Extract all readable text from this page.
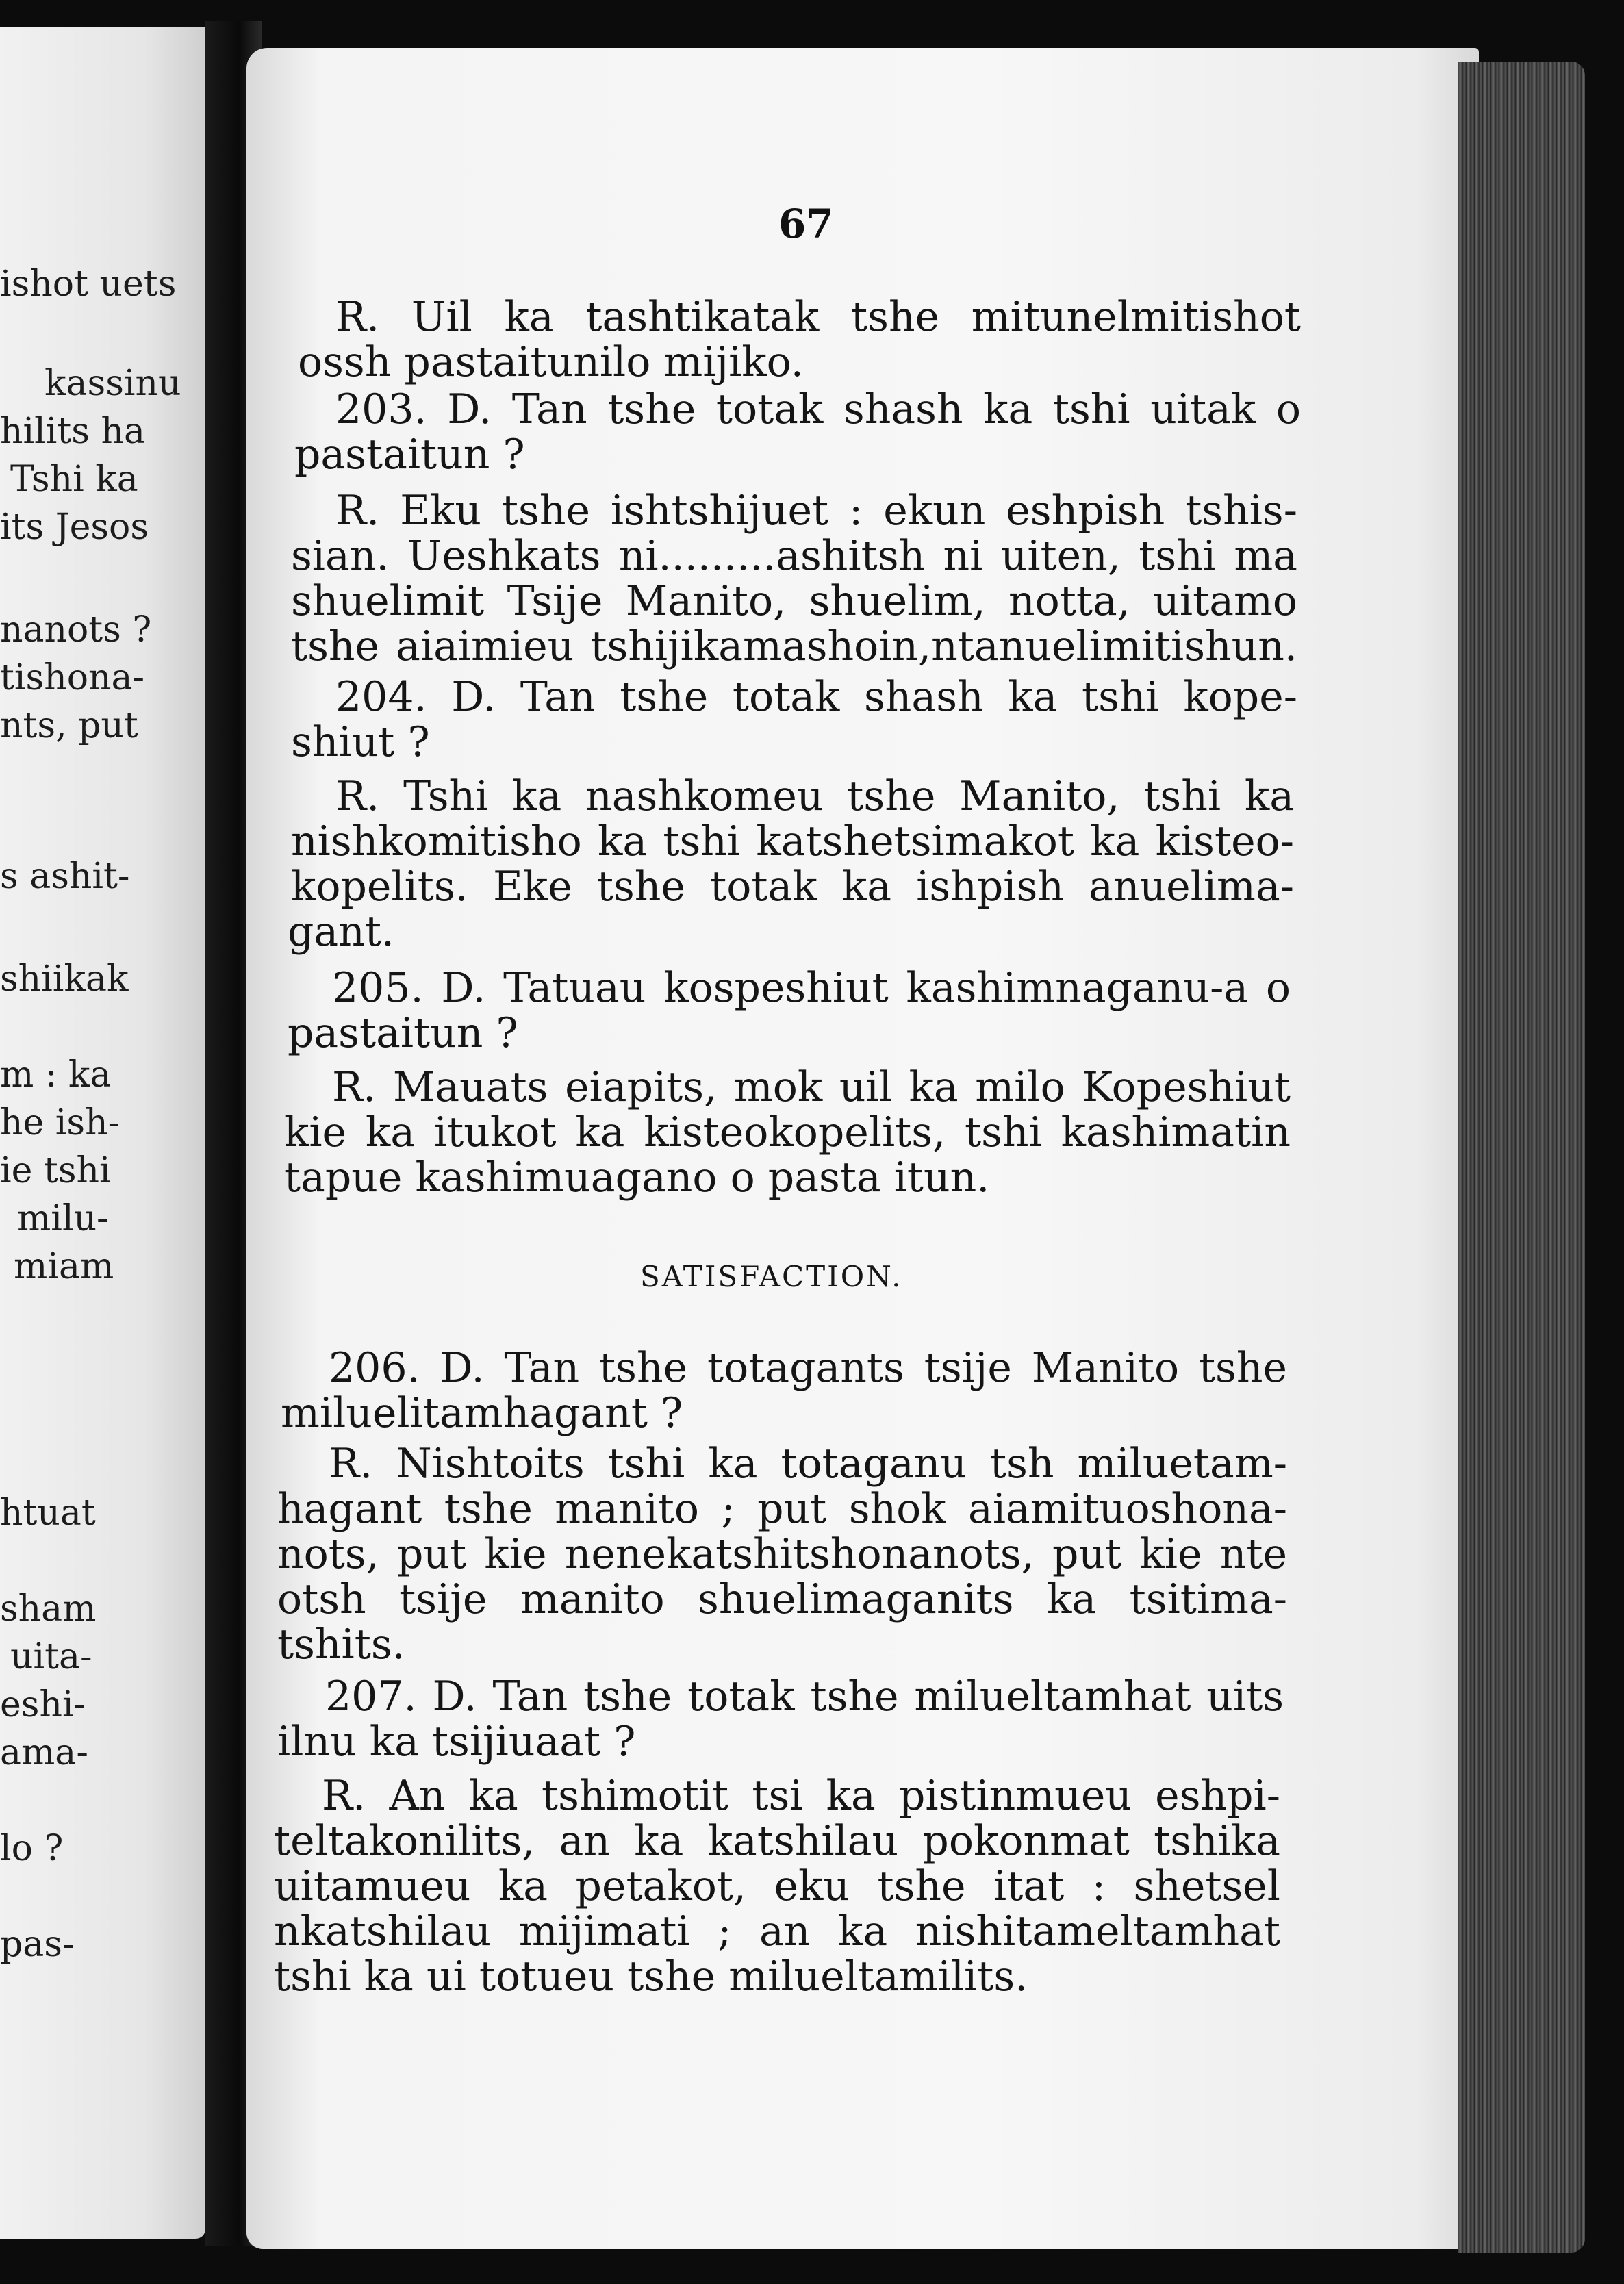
ishot uets
kassinu
hilits ha
Tshi ka
its Jesos
nanots ?
tishona-
nts, put
s ashit-
shiikak
m : ka
he ish-
ie tshi
milu-
miam
htuat
sham
uita-
eshi-
ama-
lo ?
pas-
67
R. Uil ka tashtikatak tshe mitunelmitishot
ossh pastaitunilo mijiko.
203. D. Tan tshe totak shash ka tshi uitak o
pastaitun ?
R. Eku tshe ishtshijuet : ekun eshpish tshis-
sian. Ueshkats ni.........ashitsh ni uiten, tshi ma
shuelimit Tsije Manito, shuelim, notta, uitamo
tshe aiaimieu tshijikamashoin,ntanuelimitishun.
204. D. Tan tshe totak shash ka tshi kope-
shiut ?
R. Tshi ka nashkomeu tshe Manito, tshi ka
nishkomitisho ka tshi katshetsimakot ka kisteo-
kopelits. Eke tshe totak ka ishpish anuelima-
gant.
205. D. Tatuau kospeshiut kashimnaganu-a o
pastaitun ?
R. Mauats eiapits, mok uil ka milo Kopeshiut
kie ka itukot ka kisteokopelits, tshi kashimatin
tapue kashimuagano o pasta itun.
SATISFACTION.
206. D. Tan tshe totagants tsije Manito tshe
miluelitamhagant ?
R. Nishtoits tshi ka totaganu tsh miluetam-
hagant tshe manito ; put shok aiamituoshona-
nots, put kie nenekatshitshonanots, put kie nte
otsh tsije manito shuelimaganits ka tsitima-
tshits.
207. D. Tan tshe totak tshe milueltamhat uits
ilnu ka tsijiuaat ?
R. An ka tshimotit tsi ka pistinmueu eshpi-
teltakonilits, an ka katshilau pokonmat tshika
uitamueu ka petakot, eku tshe itat : shetsel
nkatshilau mijimati ; an ka nishitameltamhat
tshi ka ui totueu tshe milueltamilits.
